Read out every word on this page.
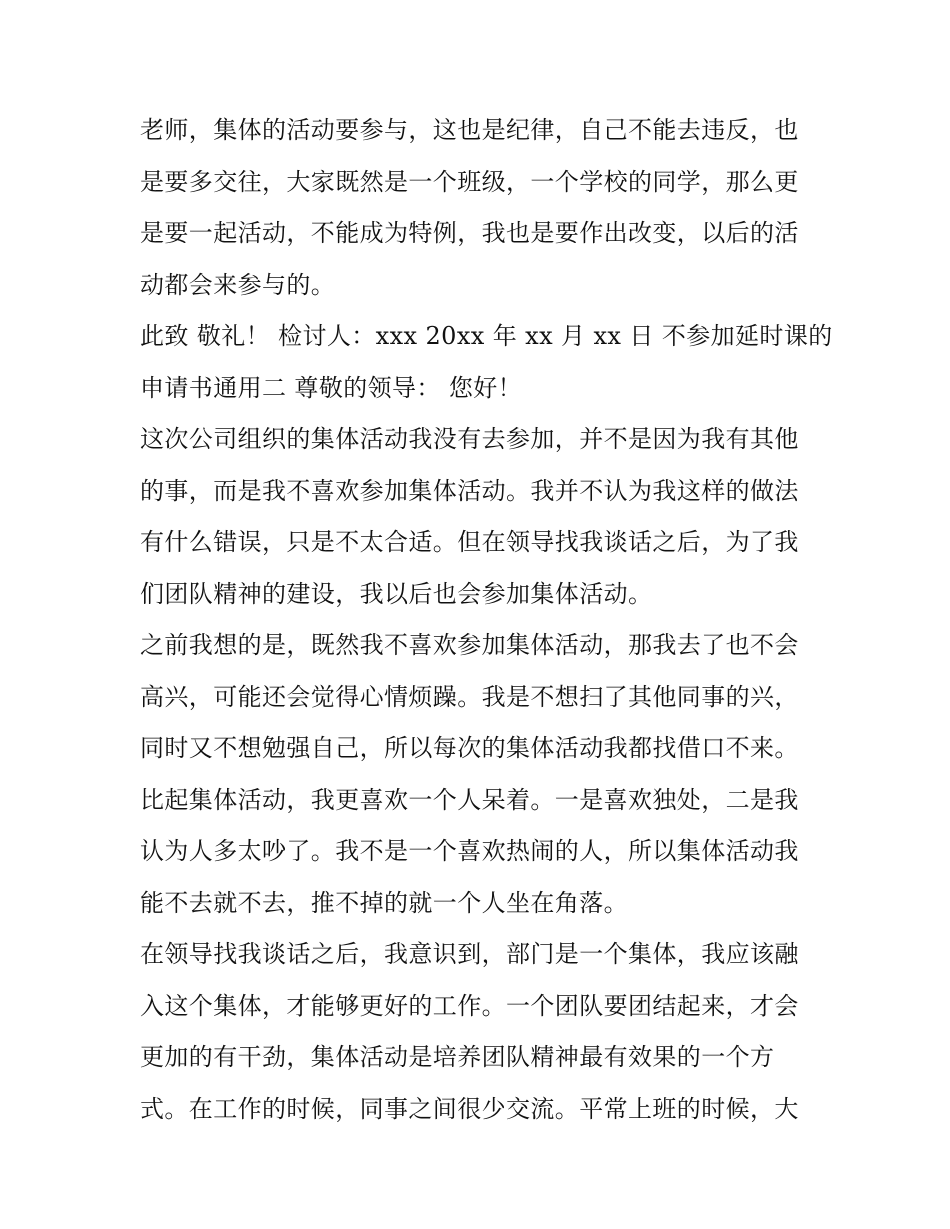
老师，集体的活动要参与，这也是纪律，自己不能去违反，也
是要多交往，大家既然是一个班级，一个学校的同学，那么更
是要一起活动，不能成为特例，我也是要作出改变，以后的活
动都会来参与的。
此致 敬礼！ 检讨人：xxx 20xx 年 xx 月 xx 日 不参加延时课的
申请书通用二 尊敬的领导： 您好！
这次公司组织的集体活动我没有去参加，并不是因为我有其他
的事，而是我不喜欢参加集体活动。我并不认为我这样的做法
有什么错误，只是不太合适。但在领导找我谈话之后，为了我
们团队精神的建设，我以后也会参加集体活动。
之前我想的是，既然我不喜欢参加集体活动，那我去了也不会
高兴，可能还会觉得心情烦躁。我是不想扫了其他同事的兴，
同时又不想勉强自己，所以每次的集体活动我都找借口不来。
比起集体活动，我更喜欢一个人呆着。一是喜欢独处，二是我
认为人多太吵了。我不是一个喜欢热闹的人，所以集体活动我
能不去就不去，推不掉的就一个人坐在角落。
在领导找我谈话之后，我意识到，部门是一个集体，我应该融
入这个集体，才能够更好的工作。一个团队要团结起来，才会
更加的有干劲，集体活动是培养团队精神最有效果的一个方
式。在工作的时候，同事之间很少交流。平常上班的时候，大
